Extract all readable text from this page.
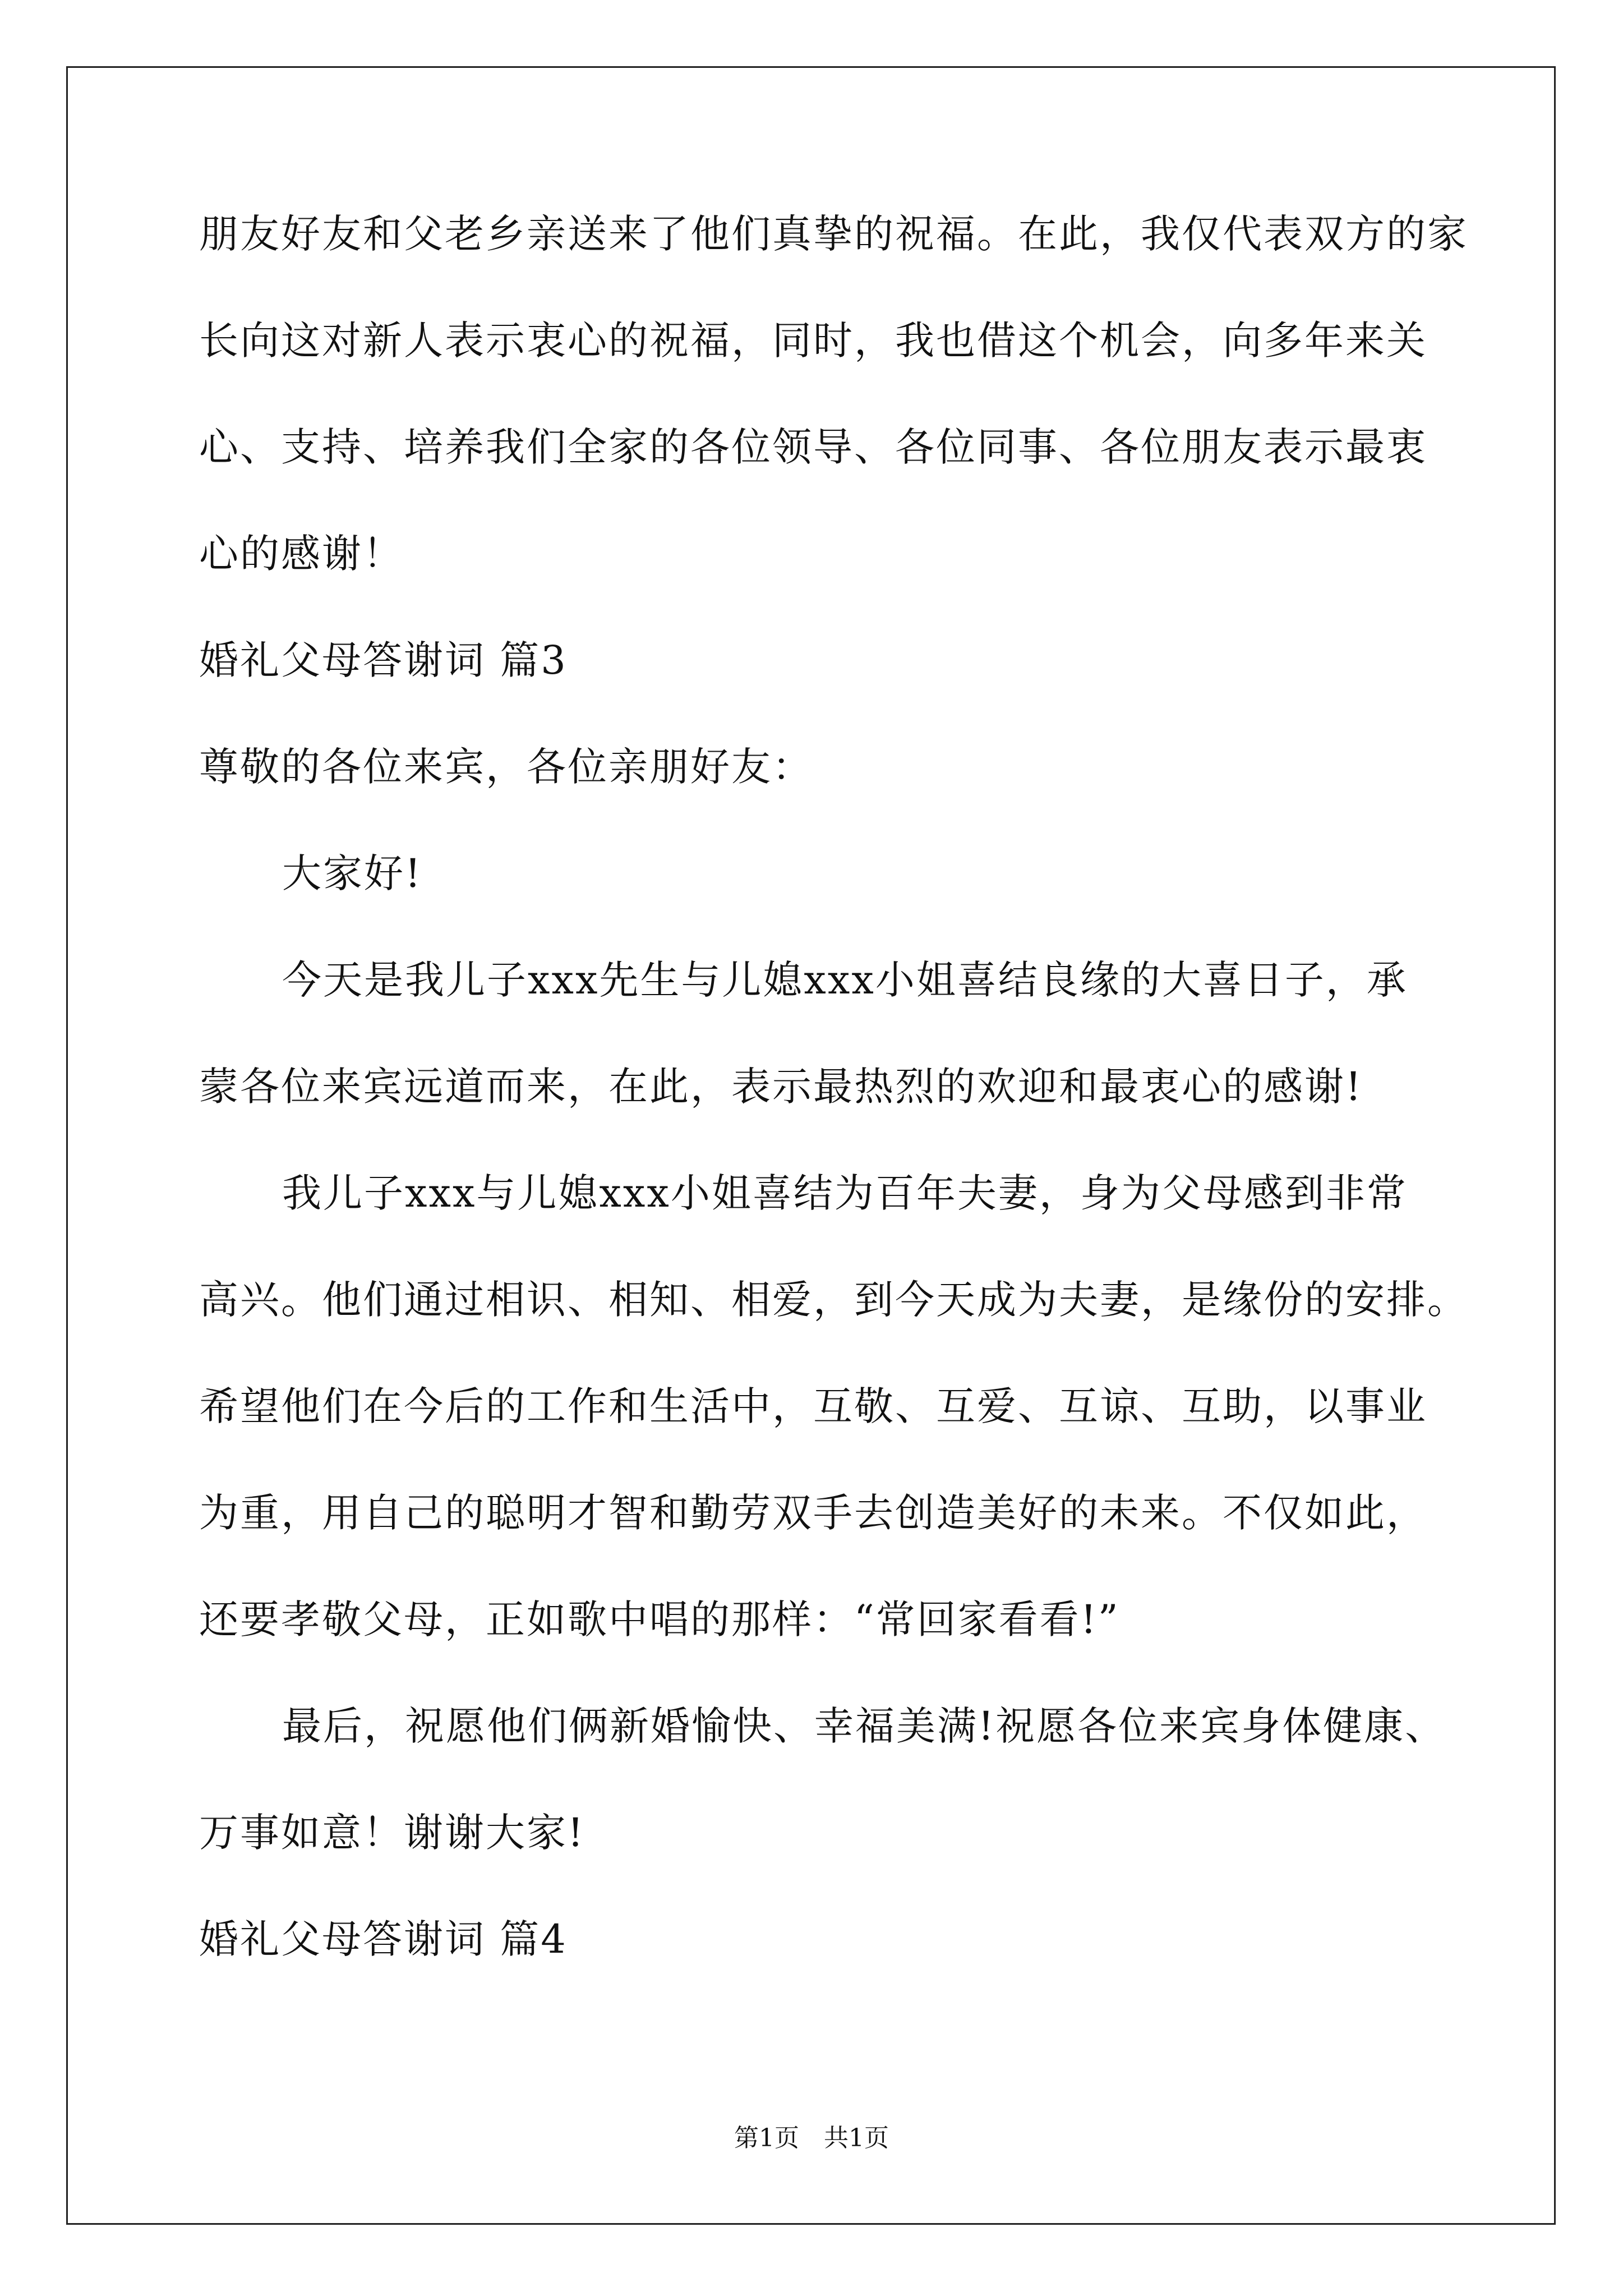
朋友好友和父老乡亲送来了他们真挚的祝福。在此，我仅代表双方的家
长向这对新人表示衷心的祝福，同时，我也借这个机会，向多年来关
心、支持、培养我们全家的各位领导、各位同事、各位朋友表示最衷
心的感谢！
婚礼父母答谢词 篇3
尊敬的各位来宾，各位亲朋好友：
大家好!
今天是我儿子xxx先生与儿媳xxx小姐喜结良缘的大喜日子，承
蒙各位来宾远道而来，在此，表示最热烈的欢迎和最衷心的感谢!
我儿子xxx与儿媳xxx小姐喜结为百年夫妻，身为父母感到非常
高兴。他们通过相识、相知、相爱，到今天成为夫妻，是缘份的安排。
希望他们在今后的工作和生活中，互敬、互爱、互谅、互助，以事业
为重，用自己的聪明才智和勤劳双手去创造美好的未来。不仅如此，
还要孝敬父母，正如歌中唱的那样：“常回家看看!”
最后，祝愿他们俩新婚愉快、幸福美满!祝愿各位来宾身体健康、
万事如意！谢谢大家!
婚礼父母答谢词 篇4
第1页　共1页
